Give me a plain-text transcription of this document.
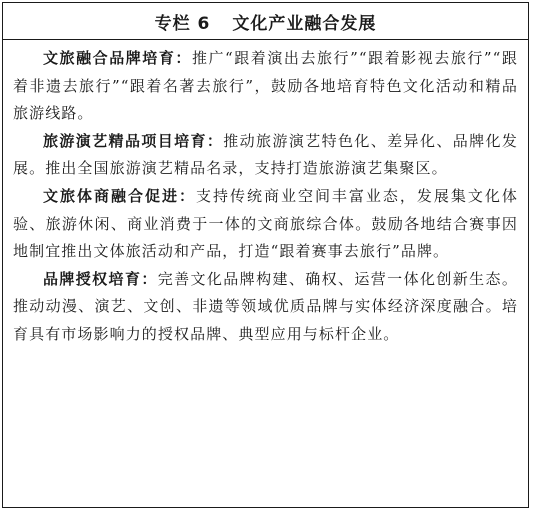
专栏 6 文化产业融合发展

文旅融合品牌培育：推广“跟着演出去旅行”“跟着影视去旅行”“跟着非遗去旅行”“跟着名著去旅行”，鼓励各地培育特色文化活动和精品旅游线路。

旅游演艺精品项目培育：推动旅游演艺特色化、差异化、品牌化发展。推出全国旅游演艺精品名录，支持打造旅游演艺集聚区。

文旅体商融合促进：支持传统商业空间丰富业态，发展集文化体验、旅游休闲、商业消费于一体的文商旅综合体。鼓励各地结合赛事因地制宜推出文体旅活动和产品，打造“跟着赛事去旅行”品牌。

品牌授权培育：完善文化品牌构建、确权、运营一体化创新生态。推动动漫、演艺、文创、非遗等领域优质品牌与实体经济深度融合。培育具有市场影响力的授权品牌、典型应用与标杆企业。
